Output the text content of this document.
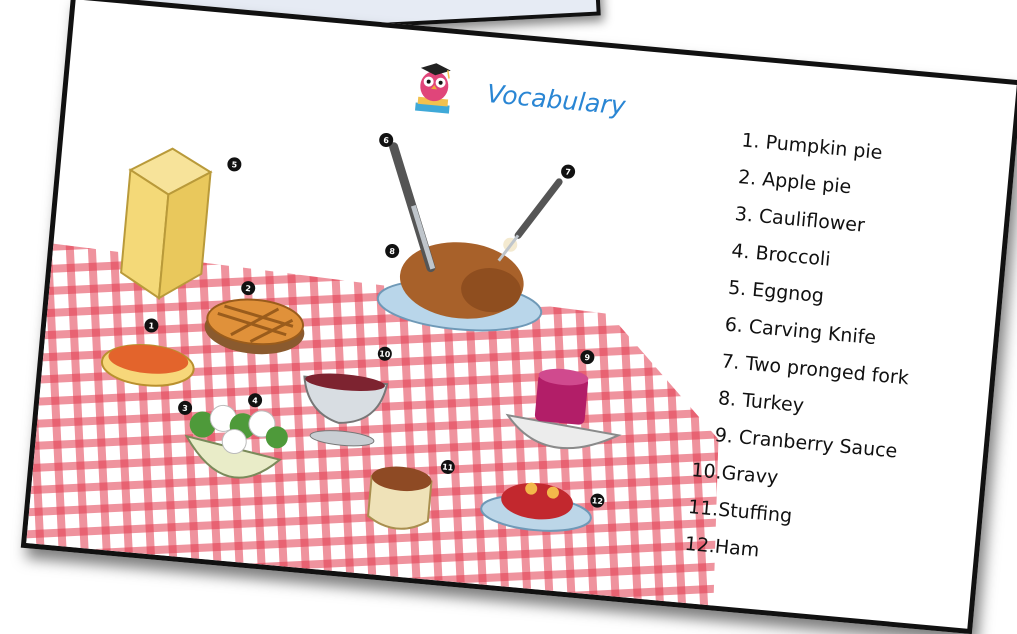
1
2
3
4
5
6
7
8
9
10
11
12
Vocabulary
1. Pumpkin pie
2. Apple pie
3. Cauliflower
4. Broccoli
5. Eggnog
6. Carving Knife
7. Two pronged fork
8. Turkey
9. Cranberry Sauce
10.Gravy
11.Stuffing
12.Ham
